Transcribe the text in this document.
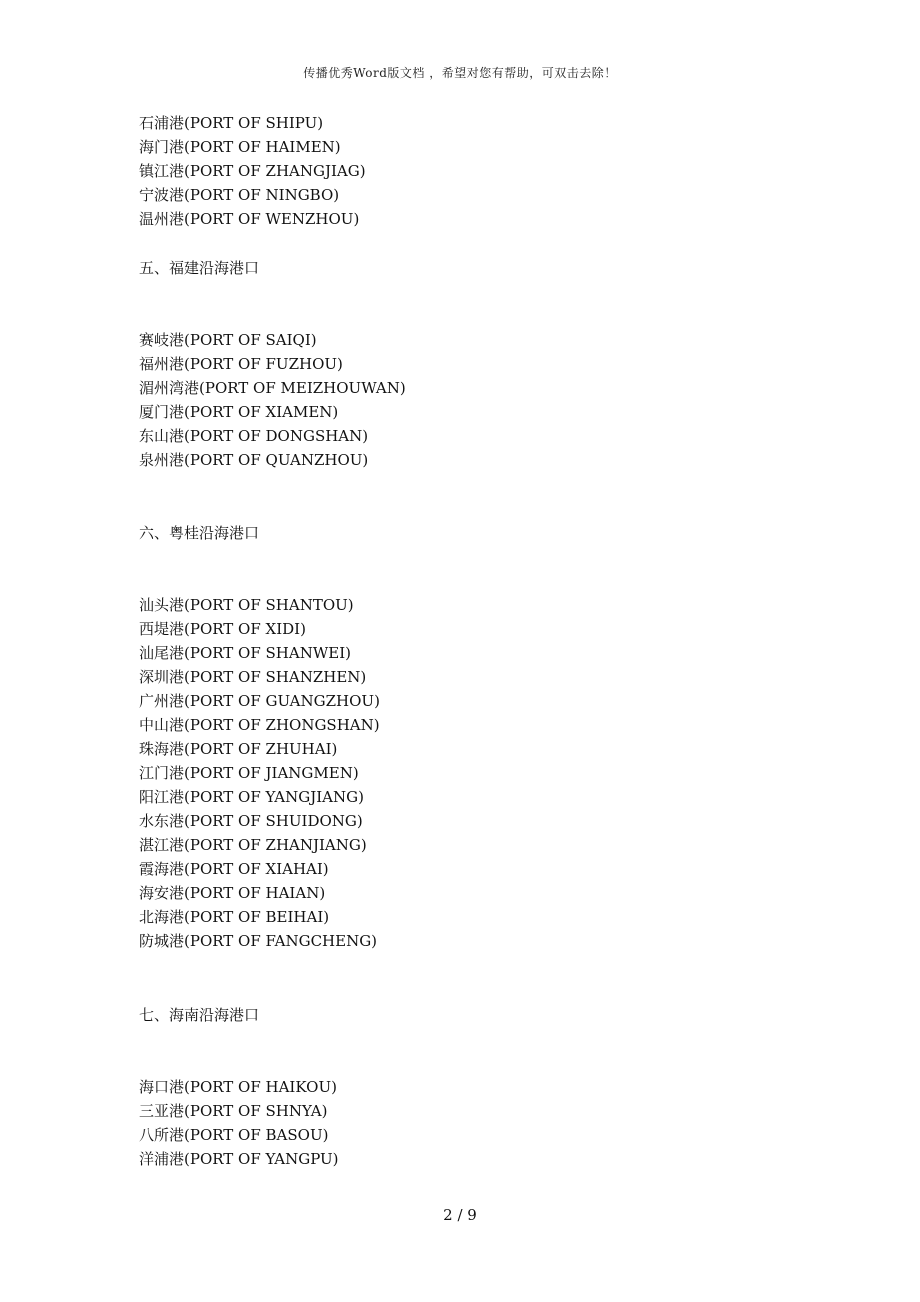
传播优秀Word版文档 ，希望对您有帮助，可双击去除！
石浦港(PORT OF SHIPU)
海门港(PORT OF HAIMEN)
镇江港(PORT OF ZHANGJIAG)
宁波港(PORT OF NINGBO)
温州港(PORT OF WENZHOU)
五、福建沿海港口
赛岐港(PORT OF SAIQI)
福州港(PORT OF FUZHOU)
湄州湾港(PORT OF MEIZHOUWAN)
厦门港(PORT OF XIAMEN)
东山港(PORT OF DONGSHAN)
泉州港(PORT OF QUANZHOU)
六、粤桂沿海港口
汕头港(PORT OF SHANTOU)
西堤港(PORT OF XIDI)
汕尾港(PORT OF SHANWEI)
深圳港(PORT OF SHANZHEN)
广州港(PORT OF GUANGZHOU)
中山港(PORT OF ZHONGSHAN)
珠海港(PORT OF ZHUHAI)
江门港(PORT OF JIANGMEN)
阳江港(PORT OF YANGJIANG)
水东港(PORT OF SHUIDONG)
湛江港(PORT OF ZHANJIANG)
霞海港(PORT OF XIAHAI)
海安港(PORT OF HAIAN)
北海港(PORT OF BEIHAI)
防城港(PORT OF FANGCHENG)
七、海南沿海港口
海口港(PORT OF HAIKOU)
三亚港(PORT OF SHNYA)
八所港(PORT OF BASOU)
洋浦港(PORT OF YANGPU)
2 / 9
